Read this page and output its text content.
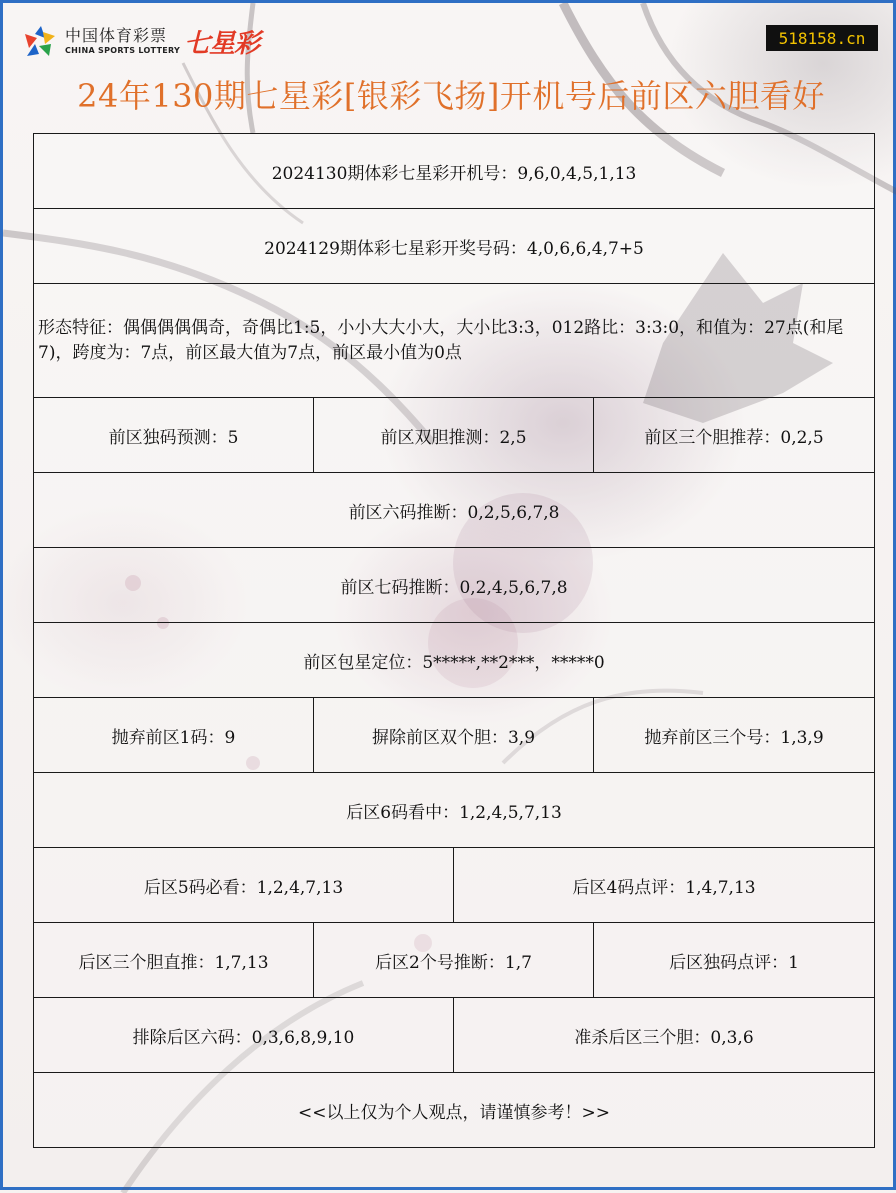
中国体育彩票
CHINA SPORTS LOTTERY 七星彩	518158.cn
24年130期七星彩[银彩飞扬]开机号后前区六胆看好
2024130期体彩七星彩开机号：9,6,0,4,5,1,13			
2024129期体彩七星彩开奖号码：4,0,6,6,4,7+5			
形态特征：偶偶偶偶偶奇，奇偶比1:5，小小大大小大，大小比3:3，012路比：3:3:0，和值为：27点(和尾7)，跨度为：7点，前区最大值为7点，前区最小值为0点			
前区独码预测：5	前区双胆推测：2,5		前区三个胆推荐：0,2,5
前区六码推断：0,2,5,6,7,8			
前区七码推断：0,2,4,5,6,7,8			
前区包星定位：5*****,**2***，*****0			
抛弃前区1码：9	摒除前区双个胆：3,9		抛弃前区三个号：1,3,9
后区6码看中：1,2,4,5,7,13			
后区5码必看：1,2,4,7,13		后区4码点评：1,4,7,13	
后区三个胆直推：1,7,13	后区2个号推断：1,7		后区独码点评：1
排除后区六码：0,3,6,8,9,10		准杀后区三个胆：0,3,6	
<<以上仅为个人观点，请谨慎参考！>>			
